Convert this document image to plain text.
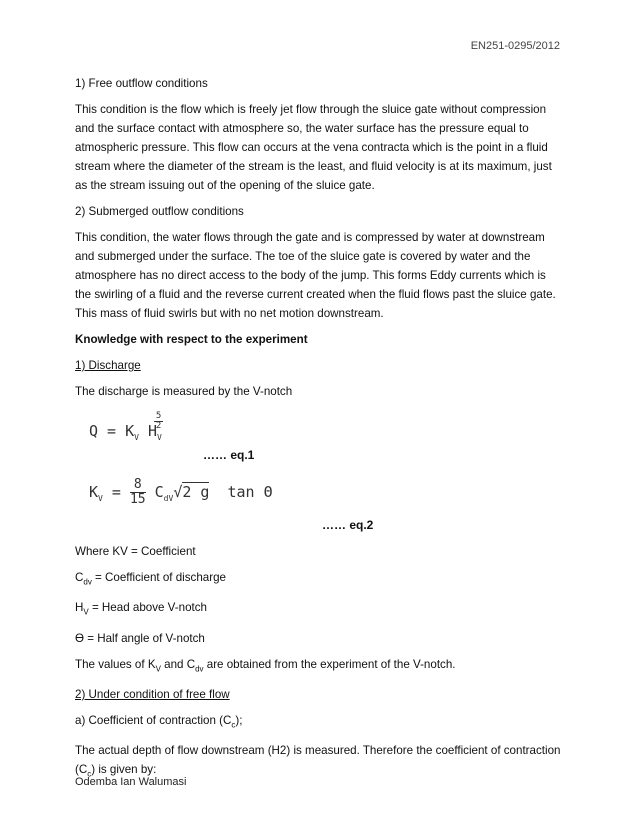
EN251-0295/2012

1) Free outflow conditions

This condition is the flow which is freely jet flow through the sluice gate without compression and the surface contact with atmosphere so, the water surface has the pressure equal to atmospheric pressure. This flow can occurs at the vena contracta which is the point in a fluid stream where the diameter of the stream is the least, and fluid velocity is at its maximum, just as the stream issuing out of the opening of the sluice gate.

2) Submerged outflow conditions

This condition, the water flows through the gate and is compressed by water at downstream and submerged under the surface. The toe of the sluice gate is covered by water and the atmosphere has no direct access to the body of the jump. This forms Eddy currents which is the swirling of a fluid and the reverse current created when the fluid flows past the sluice gate. This mass of fluid swirls but with no net motion downstream.

Knowledge with respect to the experiment

1) Discharge

The discharge is measured by the V-notch

$Q = K_V$ $H_V$
$^{\frac{5}{2}}$
…… eq.1
$K_V = \frac{8}{15} C_{dV}√2$ g  tan Θ
…… eq.2

Where KV = Coefficient

$C_{dv}$ = Coefficient of discharge

$H_V$ = Head above V-notch

Ө = Half angle of V-notch

The values of $K_V$ and $C_{dv}$ are obtained from the experiment of the V-notch.

2) Under condition of free flow

a) Coefficient of contraction $(C_c)$;

The actual depth of flow downstream (H2) is measured. Therefore the coefficient of contraction $(C_c)$ is given by:

Odemba Ian Walumasi
